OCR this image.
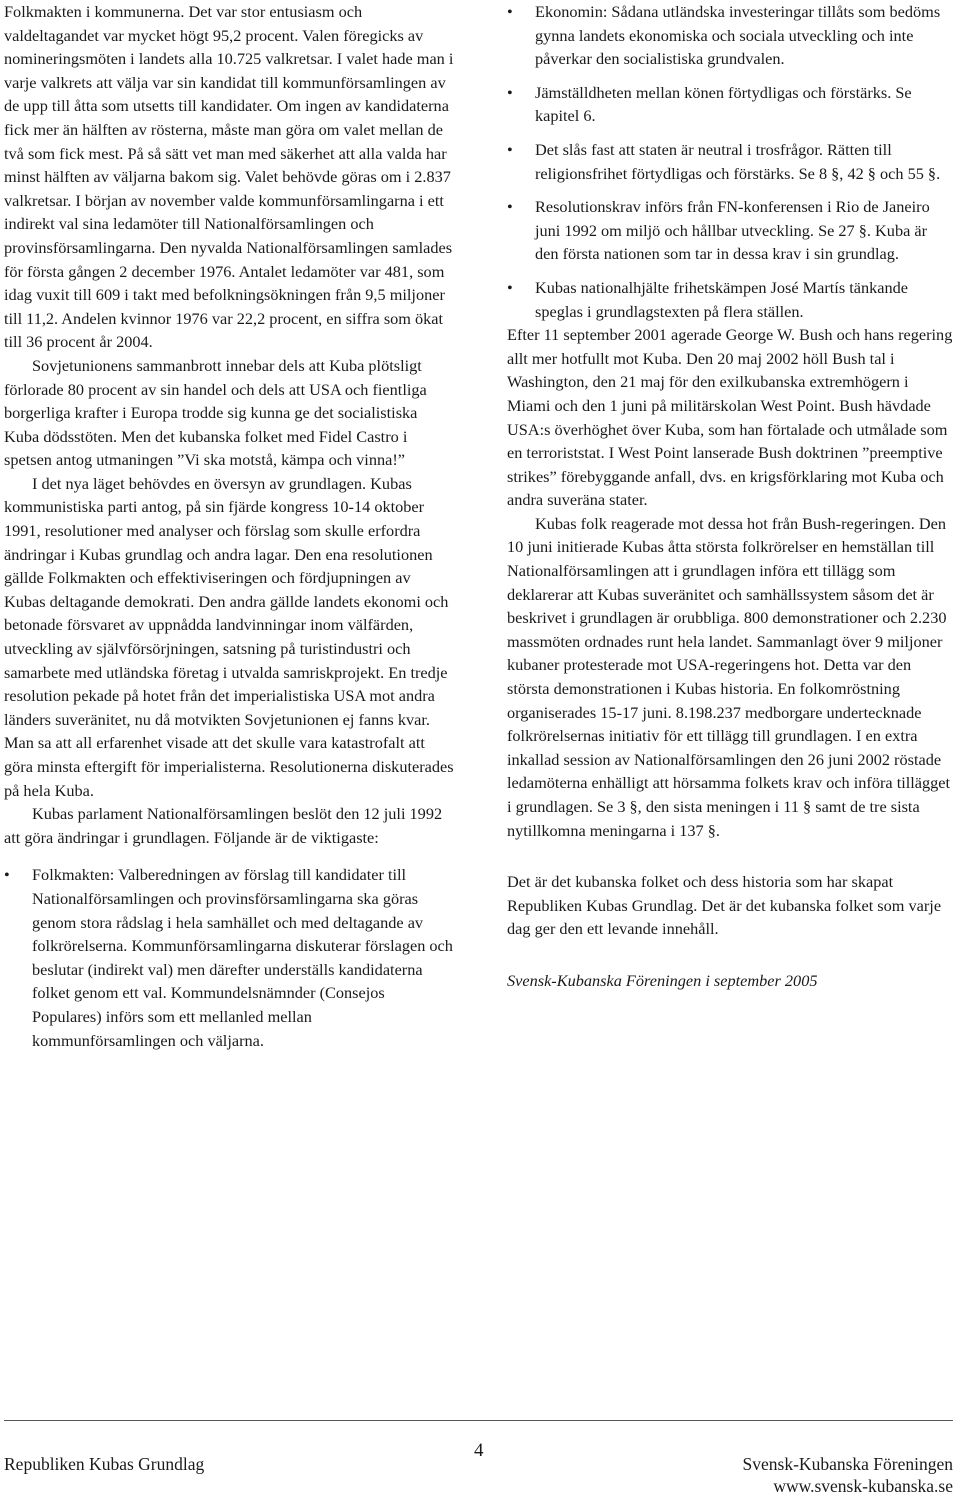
Folkmakten i kommunerna. Det var stor entusiasm och valdeltagandet var mycket högt 95,2 procent. Valen föregicks av nomineringsmöten i landets alla 10.725 valkretsar. I valet hade man i varje valkrets att välja var sin kandidat till kommunförsamlingen av de upp till åtta som utsetts till kandidater. Om ingen av kandidaterna fick mer än hälften av rösterna, måste man göra om valet mellan de två som fick mest. På så sätt vet man med säkerhet att alla valda har minst hälften av väljarna bakom sig. Valet behövde göras om i 2.837 valkretsar. I början av november valde kommunförsamlingarna i ett indirekt val sina ledamöter till Nationalförsamlingen och provinsförsamlingarna. Den nyvalda Nationalförsamlingen samlades för första gången 2 december 1976. Antalet ledamöter var 481, som idag vuxit till 609 i takt med befolkningsökningen från 9,5 miljoner till 11,2. Andelen kvinnor 1976 var 22,2 procent, en siffra som ökat till 36 procent år 2004.

Sovjetunionens sammanbrott innebar dels att Kuba plötsligt förlorade 80 procent av sin handel och dels att USA och fientliga borgerliga krafter i Europa trodde sig kunna ge det socialistiska Kuba dödsstöten. Men det kubanska folket med Fidel Castro i spetsen antog utmaningen ”Vi ska motstå, kämpa och vinna!”

I det nya läget behövdes en översyn av grundlagen. Kubas kommunistiska parti antog, på sin fjärde kongress 10-14 oktober 1991, resolutioner med analyser och förslag som skulle erfordra ändringar i Kubas grundlag och andra lagar. Den ena resolutionen gällde Folkmakten och effektiviseringen och fördjupningen av Kubas deltagande demokrati. Den andra gällde landets ekonomi och betonade försvaret av uppnådda landvinningar inom välfärden, utveckling av självförsörjningen, satsning på turistindustri och samarbete med utländska företag i utvalda samriskprojekt. En tredje resolution pekade på hotet från det imperialistiska USA mot andra länders suveränitet, nu då motvikten Sovjetunionen ej fanns kvar. Man sa att all erfarenhet visade att det skulle vara katastrofalt att göra minsta eftergift för imperialisterna. Resolutionerna diskuterades på hela Kuba.

Kubas parlament Nationalförsamlingen beslöt den 12 juli 1992 att göra ändringar i grundlagen. Följande är de viktigaste:

• Folkmakten: Valberedningen av förslag till kandidater till Nationalförsamlingen och provinsförsamlingarna ska göras genom stora rådslag i hela samhället och med deltagande av folkrörelserna. Kommunförsamlingarna diskuterar förslagen och beslutar (indirekt val) men därefter underställs kandidaterna folket genom ett val. Kommundelsnämnder (Consejos Populares) införs som ett mellanled mellan kommunförsamlingen och väljarna.
• Ekonomin: Sådana utländska investeringar tillåts som bedöms gynna landets ekonomiska och sociala utveckling och inte påverkar den socialistiska grundvalen.
• Jämställdheten mellan könen förtydligas och förstärks. Se kapitel 6.
• Det slås fast att staten är neutral i trosfrågor. Rätten till religionsfrihet förtydligas och förstärks. Se 8 §, 42 § och 55 §.
• Resolutionskrav införs från FN-konferensen i Rio de Janeiro juni 1992 om miljö och hållbar utveckling. Se 27 §. Kuba är den första nationen som tar in dessa krav i sin grundlag.
• Kubas nationalhjälte frihetskämpen José Martís tänkande speglas i grundlagstexten på flera ställen.

Efter 11 september 2001 agerade George W. Bush och hans regering allt mer hotfullt mot Kuba. Den 20 maj 2002 höll Bush tal i Washington, den 21 maj för den exilkubanska extremhögern i Miami och den 1 juni på militärskolan West Point. Bush hävdade USA:s överhöghet över Kuba, som han förtalade och utmålade som en terroriststat. I West Point lanserade Bush doktrinen ”preemptive strikes” förebyggande anfall, dvs. en krigsförklaring mot Kuba och andra suveräna stater.

Kubas folk reagerade mot dessa hot från Bush-regeringen. Den 10 juni initierade Kubas åtta största folkrörelser en hemställan till Nationalförsamlingen att i grundlagen införa ett tillägg som deklarerar att Kubas suveränitet och samhällssystem såsom det är beskrivet i grundlagen är orubbliga. 800 demonstrationer och 2.230 massmöten ordnades runt hela landet. Sammanlagt över 9 miljoner kubaner protesterade mot USA-regeringens hot. Detta var den största demonstrationen i Kubas historia. En folkomröstning organiserades 15-17 juni. 8.198.237 medborgare undertecknade folkrörelsernas initiativ för ett tillägg till grundlagen. I en extra inkallad session av Nationalförsamlingen den 26 juni 2002 röstade ledamöterna enhälligt att hörsamma folkets krav och införa tillägget i grundlagen. Se 3 §, den sista meningen i 11 § samt de tre sista nytillkomna meningarna i 137 §.

Det är det kubanska folket och dess historia som har skapat Republiken Kubas Grundlag. Det är det kubanska folket som varje dag ger den ett levande innehåll.

Svensk-Kubanska Föreningen i september 2005

Republiken Kubas Grundlag
4
Svensk-Kubanska Föreningen
www.svensk-kubanska.se
